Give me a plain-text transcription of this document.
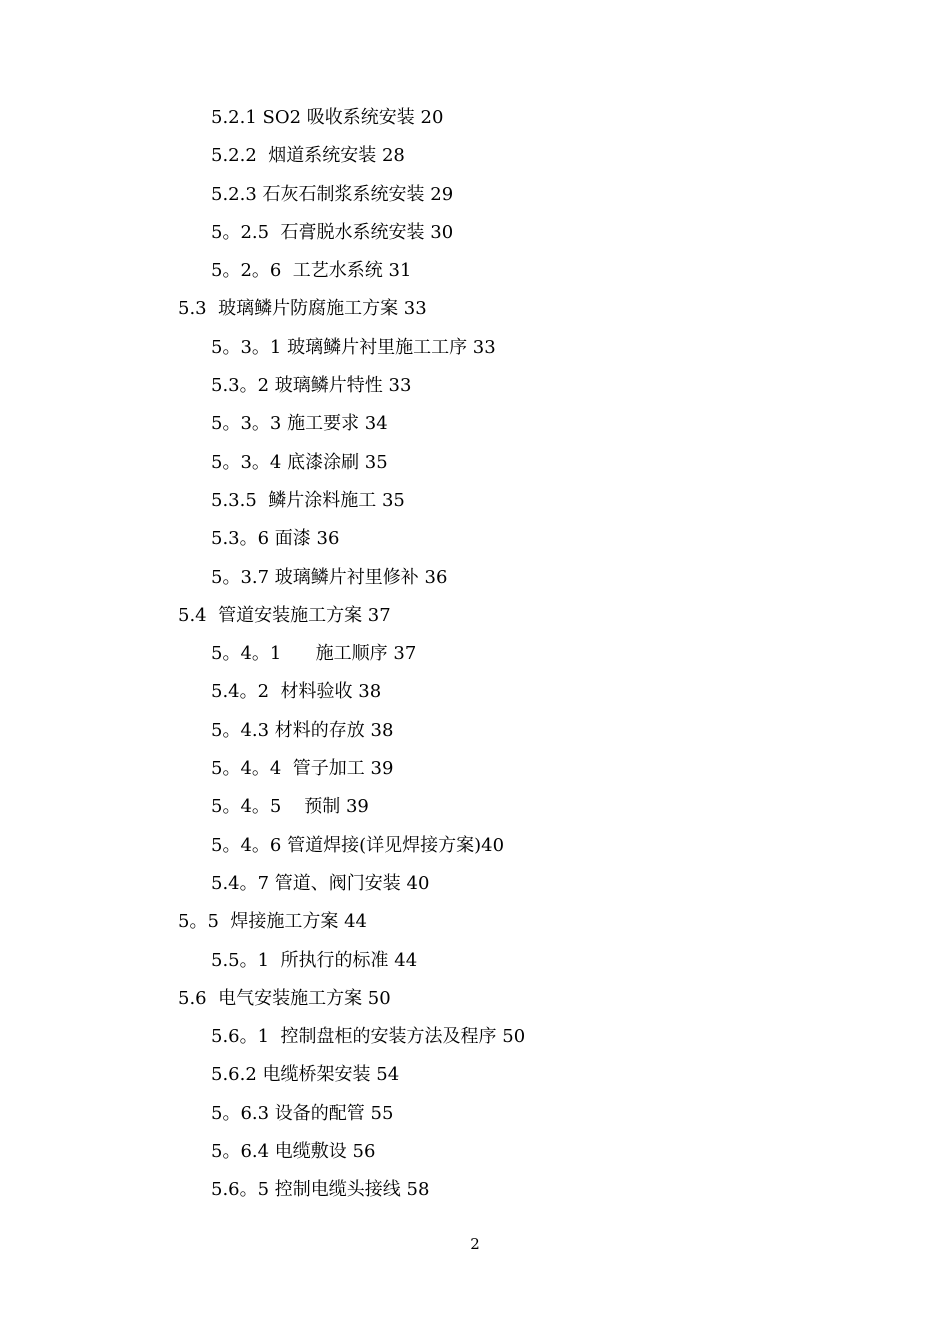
5.2.1 SO2 吸收系统安装 20
5.2.2  烟道系统安装 28
5.2.3 石灰石制浆系统安装 29
5。2.5  石膏脱水系统安装 30
5。2。6  工艺水系统 31
5.3  玻璃鳞片防腐施工方案 33
5。3。1 玻璃鳞片衬里施工工序 33
5.3。2 玻璃鳞片特性 33
5。3。3 施工要求 34
5。3。4 底漆涂刷 35
5.3.5  鳞片涂料施工 35
5.3。6 面漆 36
5。3.7 玻璃鳞片衬里修补 36
5.4  管道安装施工方案 37
5。4。1      施工顺序 37
5.4。2  材料验收 38
5。4.3 材料的存放 38
5。4。4  管子加工 39
5。4。5    预制 39
5。4。6 管道焊接(详见焊接方案)40
5.4。7 管道、阀门安装 40
5。5  焊接施工方案 44
5.5。1  所执行的标准 44
5.6  电气安装施工方案 50
5.6。1  控制盘柜的安装方法及程序 50
5.6.2 电缆桥架安装 54
5。6.3 设备的配管 55
5。6.4 电缆敷设 56
5.6。5 控制电缆头接线 58
2
